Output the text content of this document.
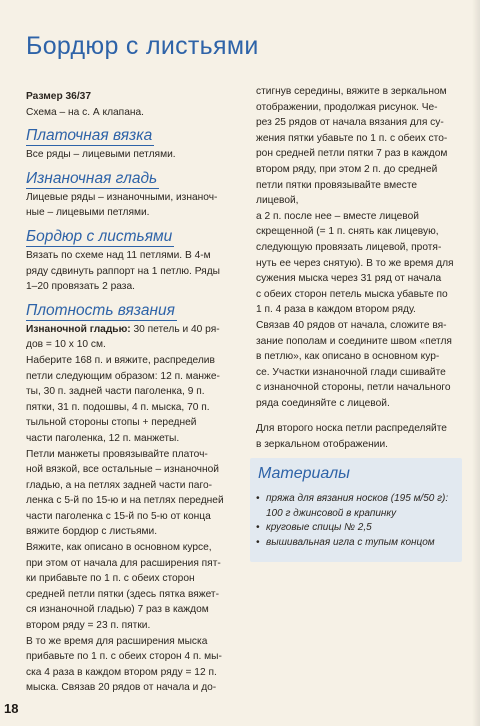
Бордюр с листьями

Размер 36/37

Схема – на с. А клапана.

Платочная вязка

Все ряды – лицевыми петлями.

Изнаночная гладь

Лицевые ряды – изнаночными, изнаноч-

ные – лицевыми петлями.

Бордюр с листьями

Вязать по схеме над 11 петлями. В 4-м

ряду сдвинуть раппорт на 1 петлю. Ряды

1–20 провязать 2 раза.

Плотность вязания

Изнаночной гладью: 30 петель и 40 ря-

дов = 10 х 10 см.

Наберите 168 п. и вяжите, распределив

петли следующим образом: 12 п. манже-

ты, 30 п. задней части паголенка, 9 п.

пятки, 31 п. подошвы, 4 п. мыска, 70 п.

тыльной стороны стопы + передней

части паголенка, 12 п. манжеты.

Петли манжеты провязывайте платоч-

ной вязкой, все остальные – изнаночной

гладью, а на петлях задней части паго-

ленка с 5-й по 15-ю и на петлях передней

части паголенка с 15-й по 5-ю от конца

вяжите бордюр с листьями.

Вяжите, как описано в основном курсе,

при этом от начала для расширения пят-

ки прибавьте по 1 п. с обеих сторон

средней петли пятки (здесь пятка вяжет-

ся изнаночной гладью) 7 раз в каждом

втором ряду = 23 п. пятки.

В то же время для расширения мыска

прибавьте по 1 п. с обеих сторон 4 п. мы-

ска 4 раза в каждом втором ряду = 12 п.

мыска. Связав 20 рядов от начала и до-

стигнув середины, вяжите в зеркальном

отображении, продолжая рисунок. Че-

рез 25 рядов от начала вязания для су-

жения пятки убавьте по 1 п. с обеих сто-

рон средней петли пятки 7 раз в каждом

втором ряду, при этом 2 п. до средней

петли пятки провязывайте вместе лицевой,

а 2 п. после нее – вместе лицевой

скрещенной (= 1 п. снять как лицевую,

следующую провязать лицевой, протя-

нуть ее через снятую). В то же время для

сужения мыска через 31 ряд от начала

с обеих сторон петель мыска убавьте по

1 п. 4 раза в каждом втором ряду.

Связав 40 рядов от начала, сложите вя-

зание пополам и соедините швом «петля

в петлю», как описано в основном кур-

се. Участки изнаночной глади сшивайте

с изнаночной стороны, петли начального

ряда соединяйте с лицевой.

Для второго носка петли распределяйте

в зеркальном отображении.

Материалы
• пряжа для вязания носков (195 м/50 г):
100 г джинсовой в крапинку
• круговые спицы № 2,5
• вышивальная игла с тупым концом
18
